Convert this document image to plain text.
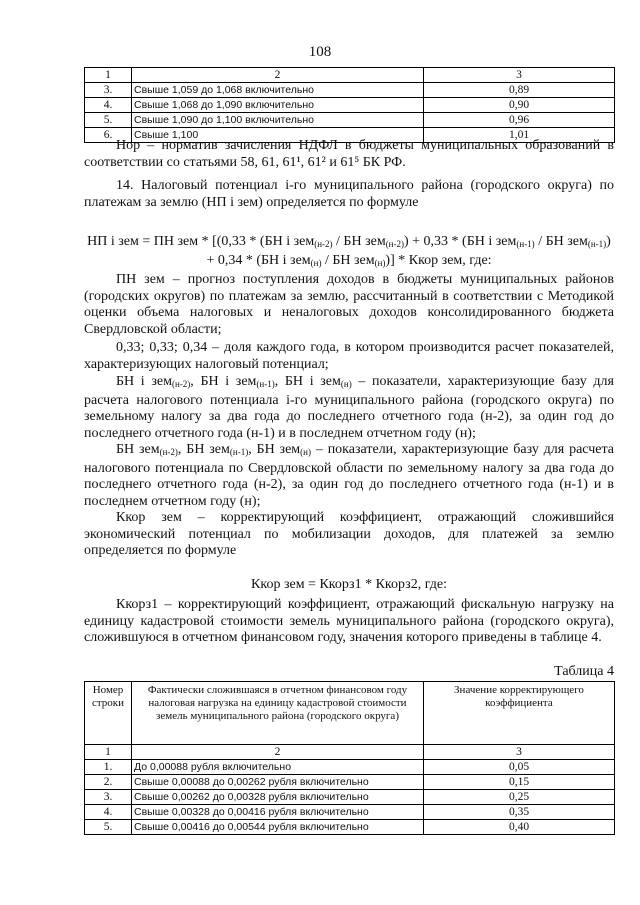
108
1	2	3
3.	Свыше 1,059 до 1,068 включительно	0,89
4.	Свыше 1,068 до 1,090 включительно	0,90
5.	Свыше 1,090 до 1,100 включительно	0,96
6.	Свыше 1,100	1,01

Нор – норматив зачисления НДФЛ в бюджеты муниципальных образований в соответствии со статьями 58, 61, 61¹, 61² и 61⁵ БК РФ.

14. Налоговый потенциал i-го муниципального района (городского округа) по платежам за землю (НП i зем) определяется по формуле

НП i зем = ПН зем * [(0,33 * (БН i зем$_{(н-2)}$ / БН зем$_{(н-2)}$) + 0,33 * (БН i зем$_{(н-1)}$ / БН зем$_{(н-1)}$) + 0,34 * (БН i зем$_{(н)}$ / БН зем$_{(н)}$)] * Ккор зем, где:

ПН зем – прогноз поступления доходов в бюджеты муниципальных районов (городских округов) по платежам за землю, рассчитанный в соответствии с Методикой оценки объема налоговых и неналоговых доходов консолидированного бюджета Свердловской области;

0,33; 0,33; 0,34 – доля каждого года, в котором производится расчет показателей, характеризующих налоговый потенциал;

БН i зем$_{(н-2)}$, БН i зем$_{(н-1)}$, БН i зем$_{(н)}$ – показатели, характеризующие базу для расчета налогового потенциала i-го муниципального района (городского округа) по земельному налогу за два года до последнего отчетного года (н-2), за один год до последнего отчетного года (н-1) и в последнем отчетном году (н);

БН зем$_{(н-2)}$, БН зем$_{(н-1)}$, БН зем$_{(н)}$ – показатели, характеризующие базу для расчета налогового потенциала по Свердловской области по земельному налогу за два года до последнего отчетного года (н-2), за один год до последнего отчетного года (н-1) и в последнем отчетном году (н);

Ккор зем – корректирующий коэффициент, отражающий сложившийся экономический потенциал по мобилизации доходов, для платежей за землю определяется по формуле

Ккор зем = Ккорз1 * Ккорз2, где:

Ккорз1 – корректирующий коэффициент, отражающий фискальную нагрузку на единицу кадастровой стоимости земель муниципального района (городского округа), сложившуюся в отчетном финансовом году, значения которого приведены в таблице 4.

Таблица 4
Номер строки	Фактически сложившаяся в отчетном финансовом году налоговая нагрузка на единицу кадастровой стоимости земель муниципального района (городского округа)	Значение корректирующего коэффициента
1	2	3
1.	До 0,00088 рубля включительно	0,05
2.	Свыше 0,00088 до 0,00262 рубля включительно	0,15
3.	Свыше 0,00262 до 0,00328 рубля включительно	0,25
4.	Свыше 0,00328 до 0,00416 рубля включительно	0,35
5.	Свыше 0,00416 до 0,00544 рубля включительно	0,40
